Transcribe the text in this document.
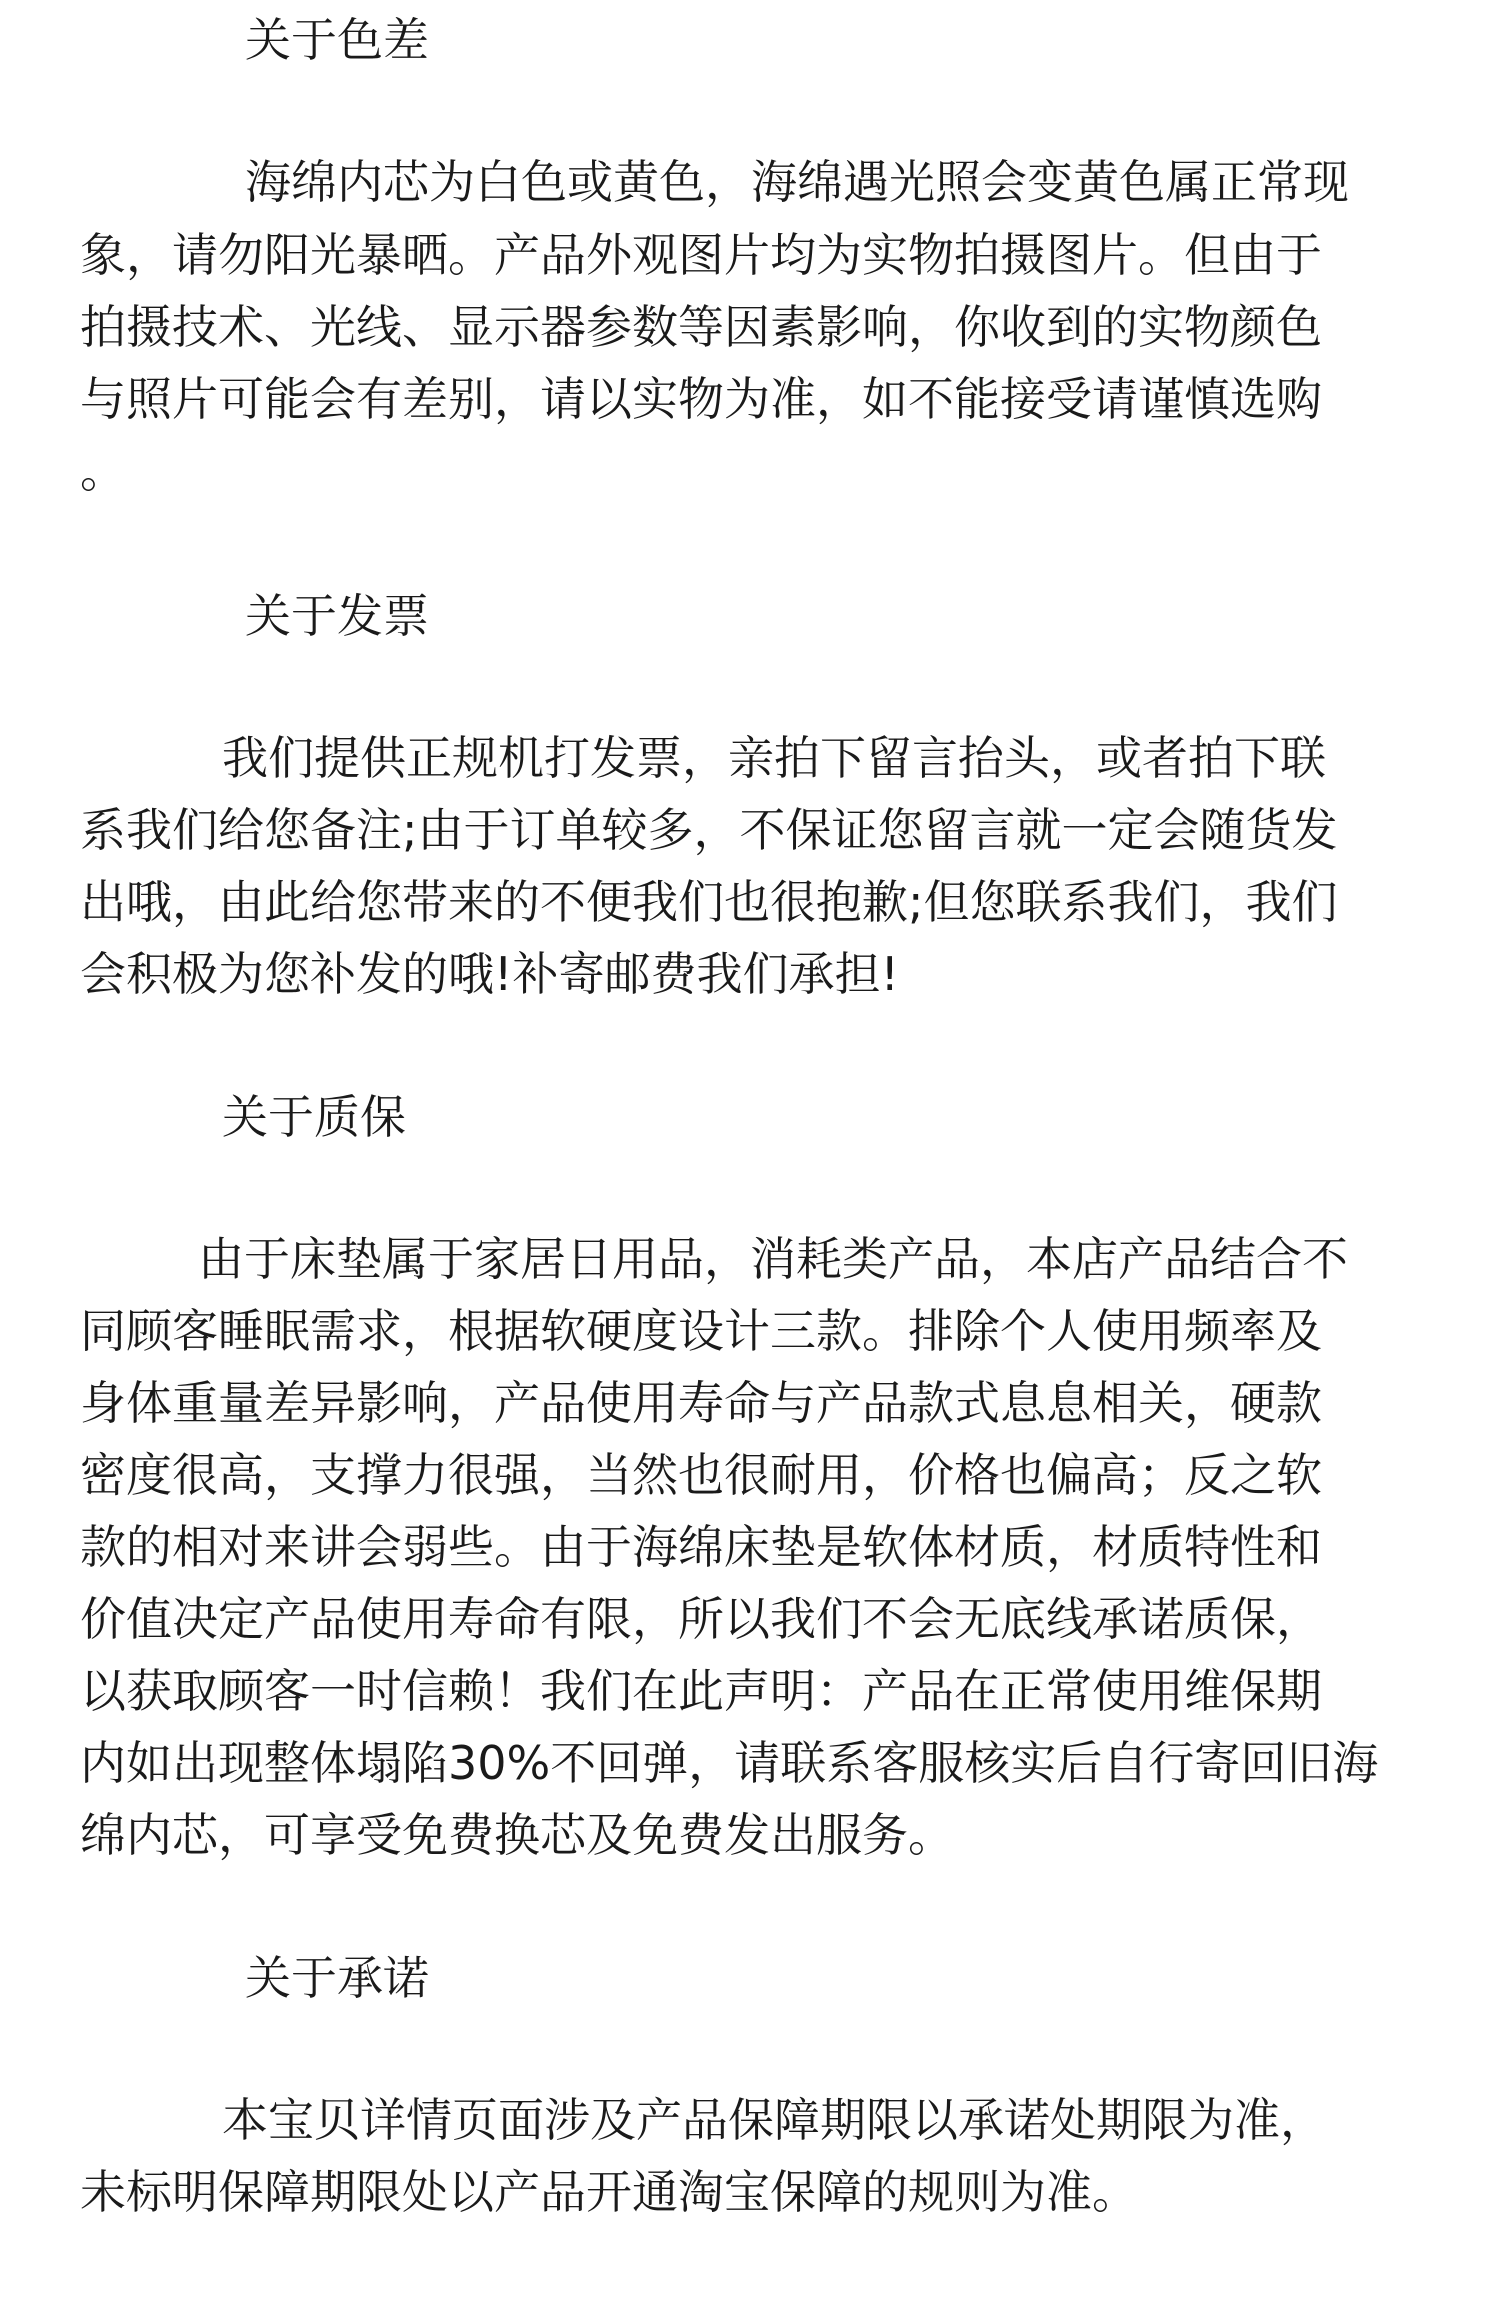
关于色差
海绵内芯为白色或黄色，海绵遇光照会变黄色属正常现
象，请勿阳光暴晒。产品外观图片均为实物拍摄图片。但由于
拍摄技术、光线、显示器参数等因素影响，你收到的实物颜色
与照片可能会有差别，请以实物为准，如不能接受请谨慎选购
。
关于发票
我们提供正规机打发票，亲拍下留言抬头，或者拍下联
系我们给您备注;由于订单较多，不保证您留言就一定会随货发
出哦，由此给您带来的不便我们也很抱歉;但您联系我们，我们
会积极为您补发的哦!补寄邮费我们承担!
关于质保
由于床垫属于家居日用品，消耗类产品，本店产品结合不
同顾客睡眠需求，根据软硬度设计三款。排除个人使用频率及
身体重量差异影响，产品使用寿命与产品款式息息相关，硬款
密度很高，支撑力很强，当然也很耐用，价格也偏高；反之软
款的相对来讲会弱些。由于海绵床垫是软体材质，材质特性和
价值决定产品使用寿命有限，所以我们不会无底线承诺质保，
以获取顾客一时信赖！我们在此声明：产品在正常使用维保期
内如出现整体塌陷30%不回弹，请联系客服核实后自行寄回旧海
绵内芯，可享受免费换芯及免费发出服务。
关于承诺
本宝贝详情页面涉及产品保障期限以承诺处期限为准，
未标明保障期限处以产品开通淘宝保障的规则为准。
